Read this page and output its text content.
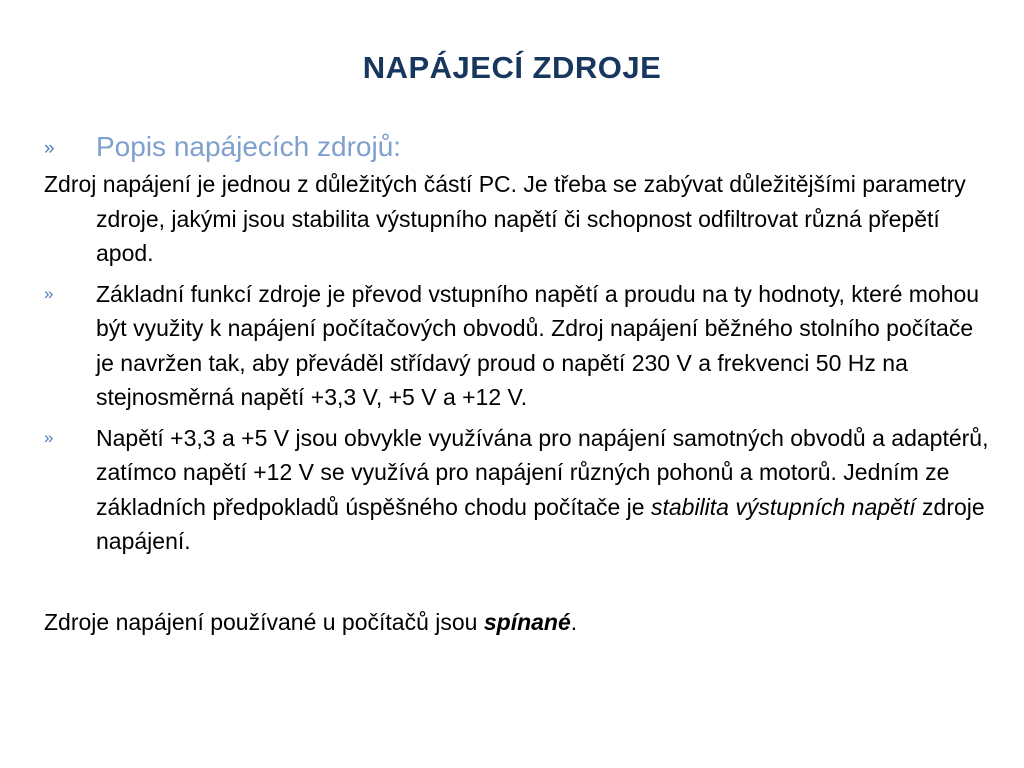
NAPÁJECÍ ZDROJE
» Popis napájecích zdrojů:
Zdroj napájení je jednou z důležitých částí PC. Je třeba se zabývat důležitějšími parametry zdroje, jakými jsou stabilita výstupního napětí či schopnost odfiltrovat různá přepětí apod.
» Základní funkcí zdroje je převod vstupního napětí a proudu na ty hodnoty, které mohou být využity k napájení počítačových obvodů. Zdroj napájení běžného stolního počítače je navržen tak, aby převáděl střídavý proud o napětí 230 V a frekvenci 50 Hz na stejnosměrná napětí +3,3 V, +5 V a +12 V.
» Napětí +3,3 a +5 V jsou obvykle využívána pro napájení samotných obvodů a adaptérů, zatímco napětí +12 V se využívá pro napájení různých pohonů a motorů. Jedním ze základních předpokladů úspěšného chodu počítače je stabilita výstupních napětí zdroje napájení.
Zdroje napájení používané u počítačů jsou spínané.
